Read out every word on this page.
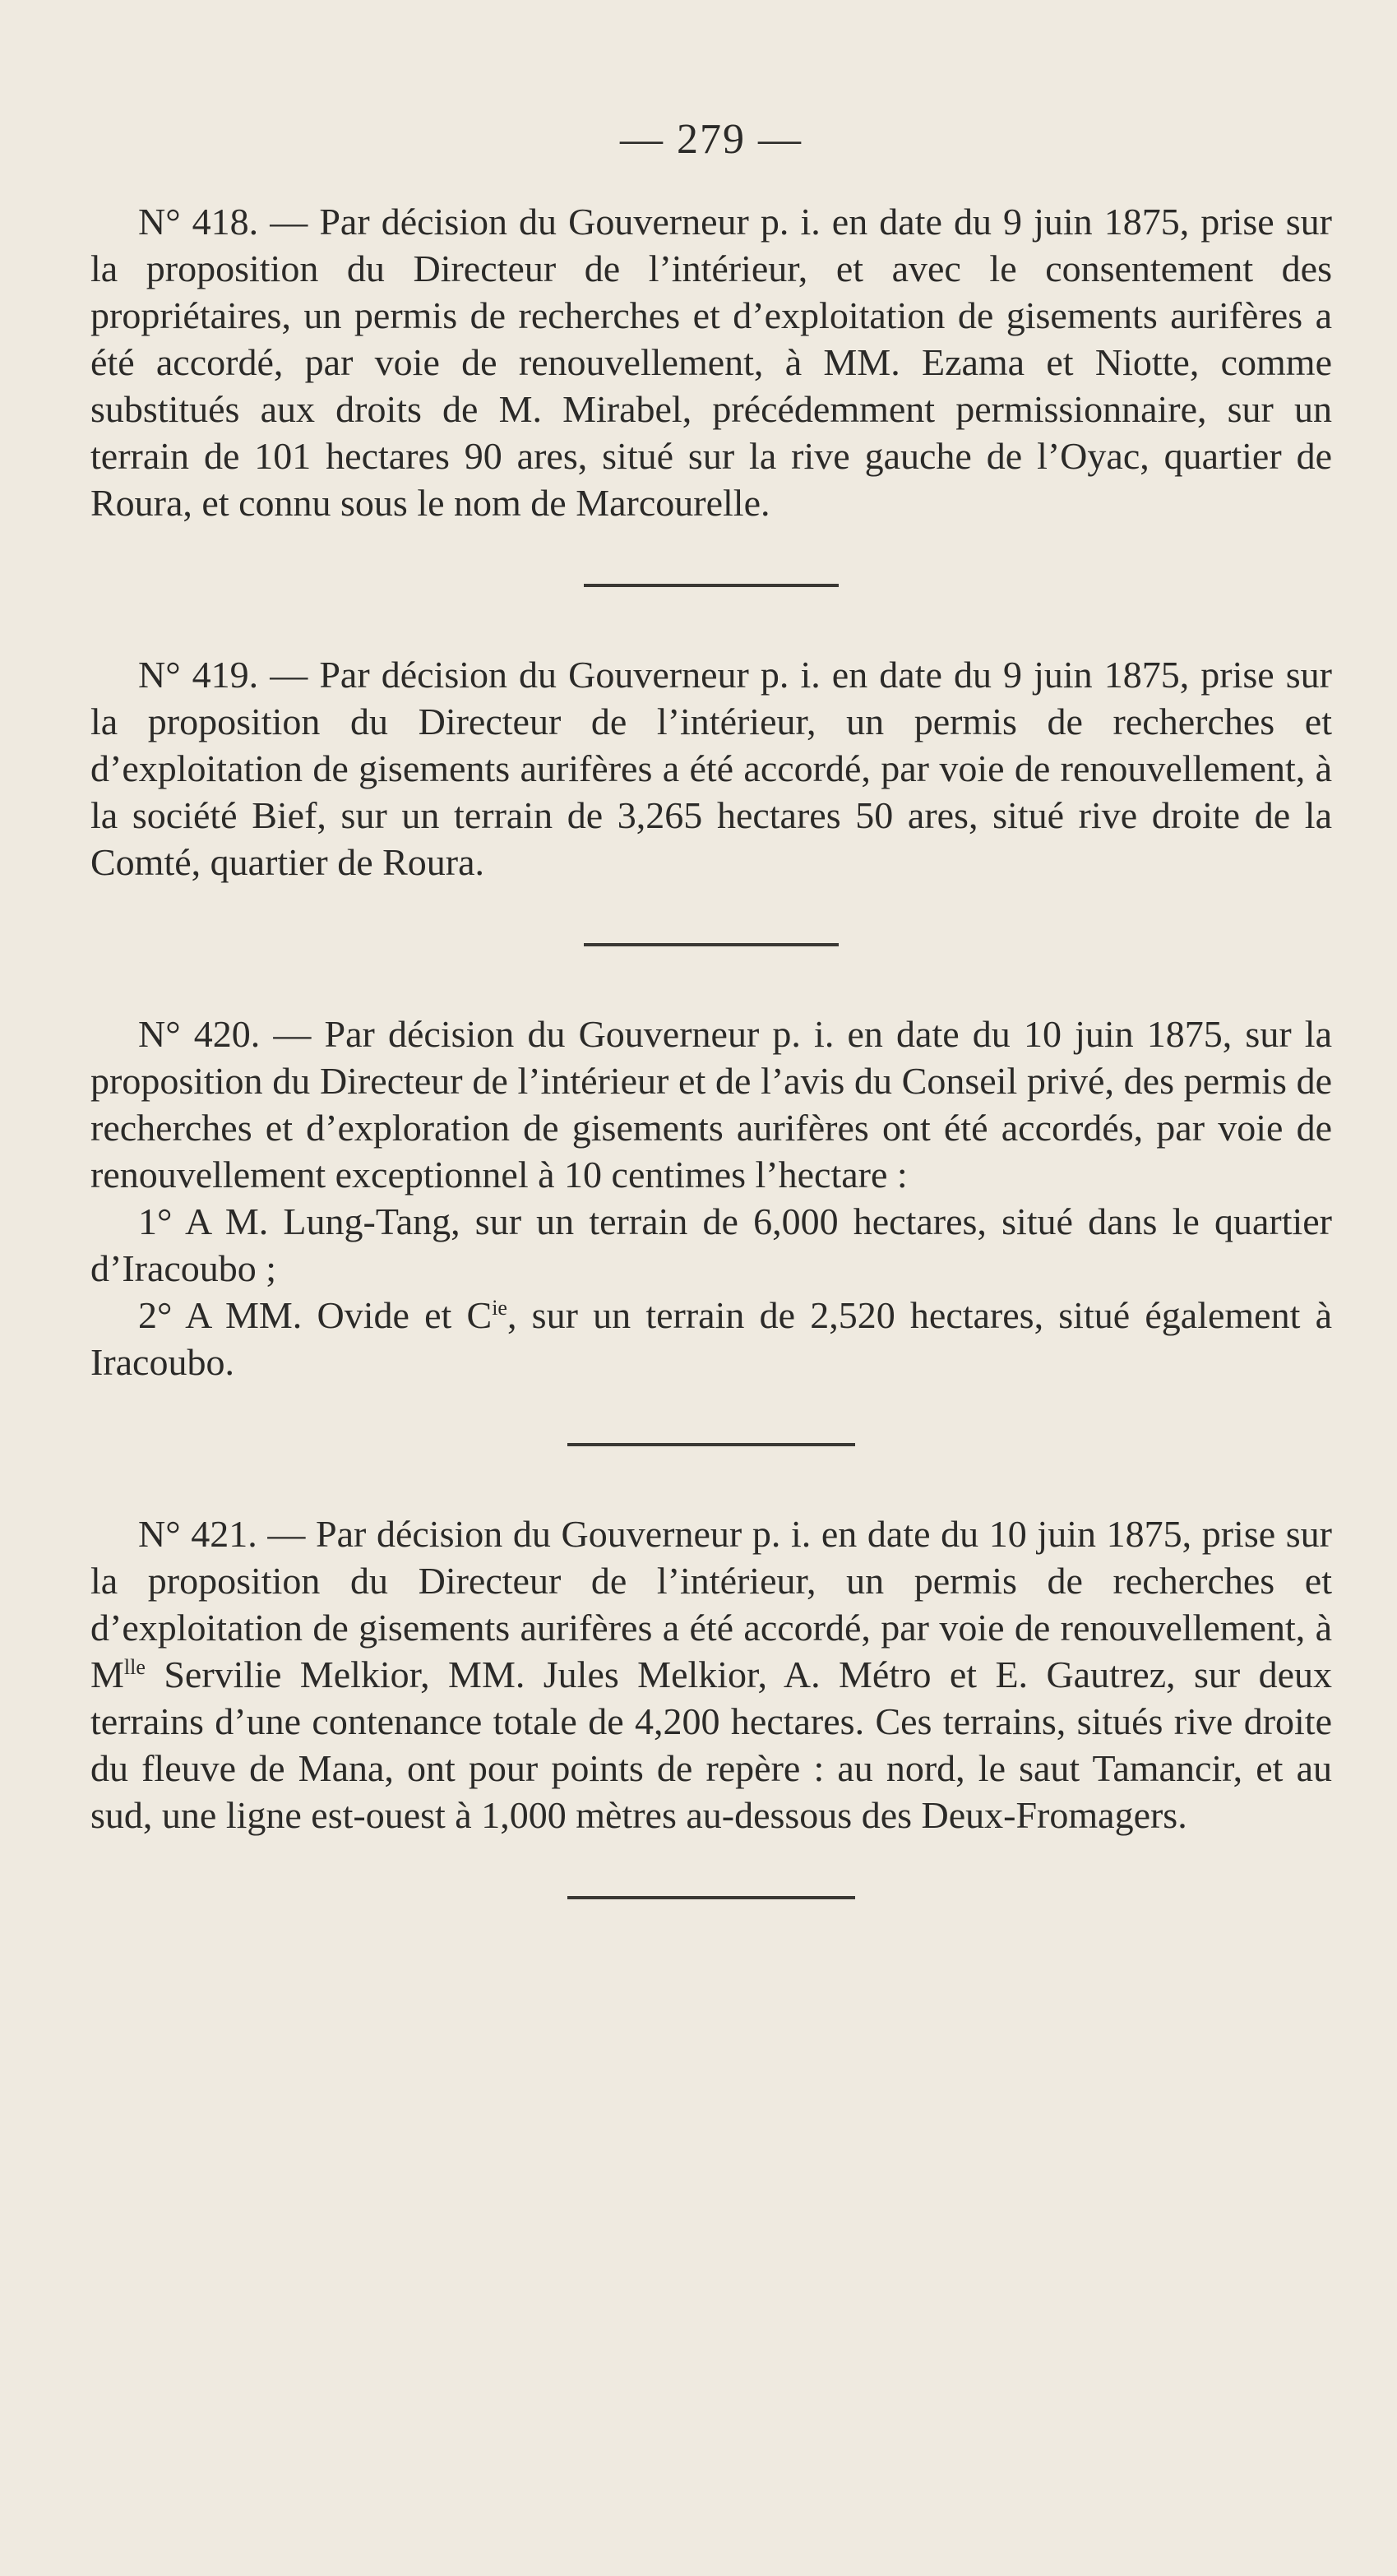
— 279 —

N° 418. — Par décision du Gouverneur p. i. en date du 9 juin 1875, prise sur la proposition du Directeur de l’intérieur, et avec le consentement des propriétaires, un permis de recherches et d’exploitation de gisements aurifères a été accordé, par voie de renouvellement, à MM. Ezama et Niotte, comme substitués aux droits de M. Mirabel, précédemment permissionnaire, sur un terrain de 101 hectares 90 ares, situé sur la rive gauche de l’Oyac, quartier de Roura, et connu sous le nom de Marcourelle.

N° 419. — Par décision du Gouverneur p. i. en date du 9 juin 1875, prise sur la proposition du Directeur de l’intérieur, un permis de recherches et d’exploitation de gisements aurifères a été accordé, par voie de renouvellement, à la société Bief, sur un terrain de 3,265 hectares 50 ares, situé rive droite de la Comté, quartier de Roura.

N° 420. — Par décision du Gouverneur p. i. en date du 10 juin 1875, sur la proposition du Directeur de l’intérieur et de l’avis du Conseil privé, des permis de recherches et d’exploration de gisements aurifères ont été accordés, par voie de renouvellement exceptionnel à 10 centimes l’hectare :

1° A M. Lung-Tang, sur un terrain de 6,000 hectares, situé dans le quartier d’Iracoubo ;

2° A MM. Ovide et $C^{ie}$, sur un terrain de 2,520 hectares, situé également à Iracoubo.

N° 421. — Par décision du Gouverneur p. i. en date du 10 juin 1875, prise sur la proposition du Directeur de l’intérieur, un permis de recherches et d’exploitation de gisements aurifères a été accordé, par voie de renouvellement, à $M^{lle}$ Servilie Melkior, MM. Jules Melkior, A. Métro et E. Gautrez, sur deux terrains d’une contenance totale de 4,200 hectares. Ces terrains, situés rive droite du fleuve de Mana, ont pour points de repère : au nord, le saut Tamancir, et au sud, une ligne est-ouest à 1,000 mètres au-dessous des Deux-Fromagers.
